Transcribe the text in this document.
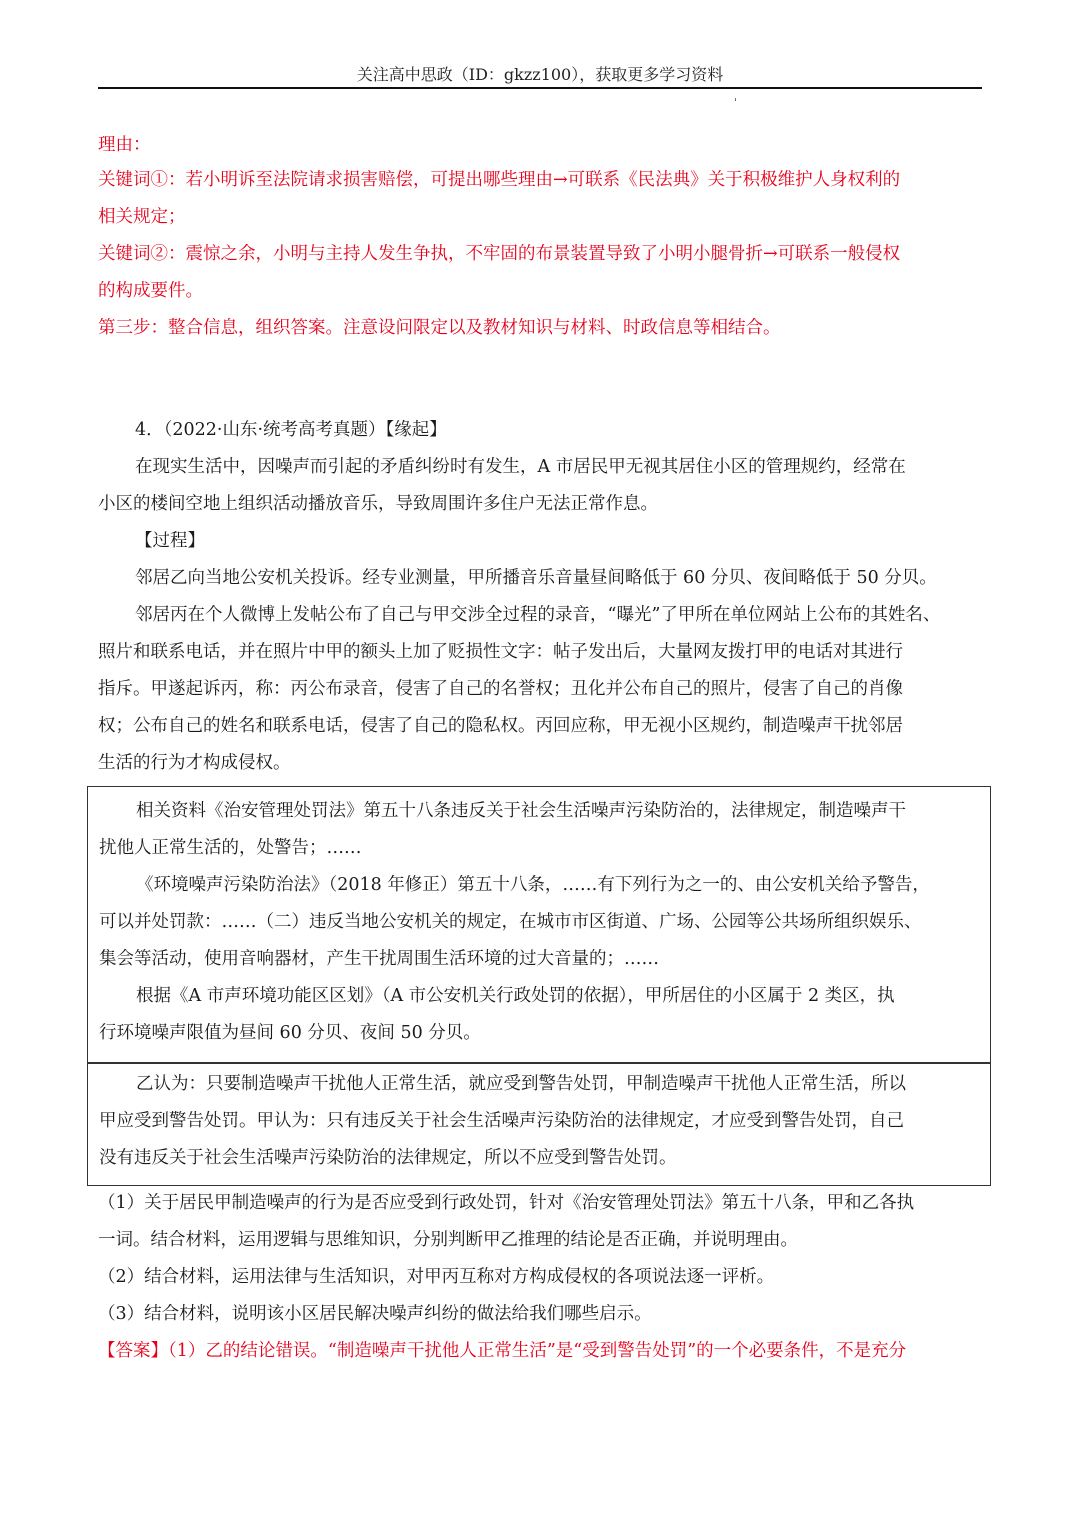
关注高中思政（ID：gkzz100），获取更多学习资料
'
理由：
关键词①：若小明诉至法院请求损害赔偿，可提出哪些理由→可联系《民法典》关于积极维护人身权利的
相关规定；
关键词②：震惊之余，小明与主持人发生争执，不牢固的布景装置导致了小明小腿骨折→可联系一般侵权
的构成要件。
第三步：整合信息，组织答案。注意设问限定以及教材知识与材料、时政信息等相结合。
4．（2022·山东·统考高考真题）【缘起】
在现实生活中，因噪声而引起的矛盾纠纷时有发生，A 市居民甲无视其居住小区的管理规约，经常在
小区的楼间空地上组织活动播放音乐，导致周围许多住户无法正常作息。
【过程】
邻居乙向当地公安机关投诉。经专业测量，甲所播音乐音量昼间略低于 60 分贝、夜间略低于 50 分贝。
邻居丙在个人微博上发帖公布了自己与甲交涉全过程的录音，“曝光”了甲所在单位网站上公布的其姓名、
照片和联系电话，并在照片中甲的额头上加了贬损性文字：帖子发出后，大量网友拨打甲的电话对其进行
指斥。甲遂起诉丙，称：丙公布录音，侵害了自己的名誉权；丑化并公布自己的照片，侵害了自己的肖像
权；公布自己的姓名和联系电话，侵害了自己的隐私权。丙回应称，甲无视小区规约，制造噪声干扰邻居
生活的行为才构成侵权。
相关资料《治安管理处罚法》第五十八条违反关于社会生活噪声污染防治的，法律规定，制造噪声干
扰他人正常生活的，处警告；……
《环境噪声污染防治法》（2018 年修正）第五十八条，……有下列行为之一的、由公安机关给予警告，
可以并处罚款：……（二）违反当地公安机关的规定，在城市市区街道、广场、公园等公共场所组织娱乐、
集会等活动，使用音响器材，产生干扰周围生活环境的过大音量的；……
根据《A 市声环境功能区区划》（A 市公安机关行政处罚的依据），甲所居住的小区属于 2 类区，执
行环境噪声限值为昼间 60 分贝、夜间 50 分贝。
乙认为：只要制造噪声干扰他人正常生活，就应受到警告处罚，甲制造噪声干扰他人正常生活，所以
甲应受到警告处罚。甲认为：只有违反关于社会生活噪声污染防治的法律规定，才应受到警告处罚，自己
没有违反关于社会生活噪声污染防治的法律规定，所以不应受到警告处罚。
（1）关于居民甲制造噪声的行为是否应受到行政处罚，针对《治安管理处罚法》第五十八条，甲和乙各执
一词。结合材料，运用逻辑与思维知识，分别判断甲乙推理的结论是否正确，并说明理由。
（2）结合材料，运用法律与生活知识，对甲丙互称对方构成侵权的各项说法逐一评析。
（3）结合材料，说明该小区居民解决噪声纠纷的做法给我们哪些启示。
【答案】（1）乙的结论错误。“制造噪声干扰他人正常生活”是“受到警告处罚”的一个必要条件，不是充分
